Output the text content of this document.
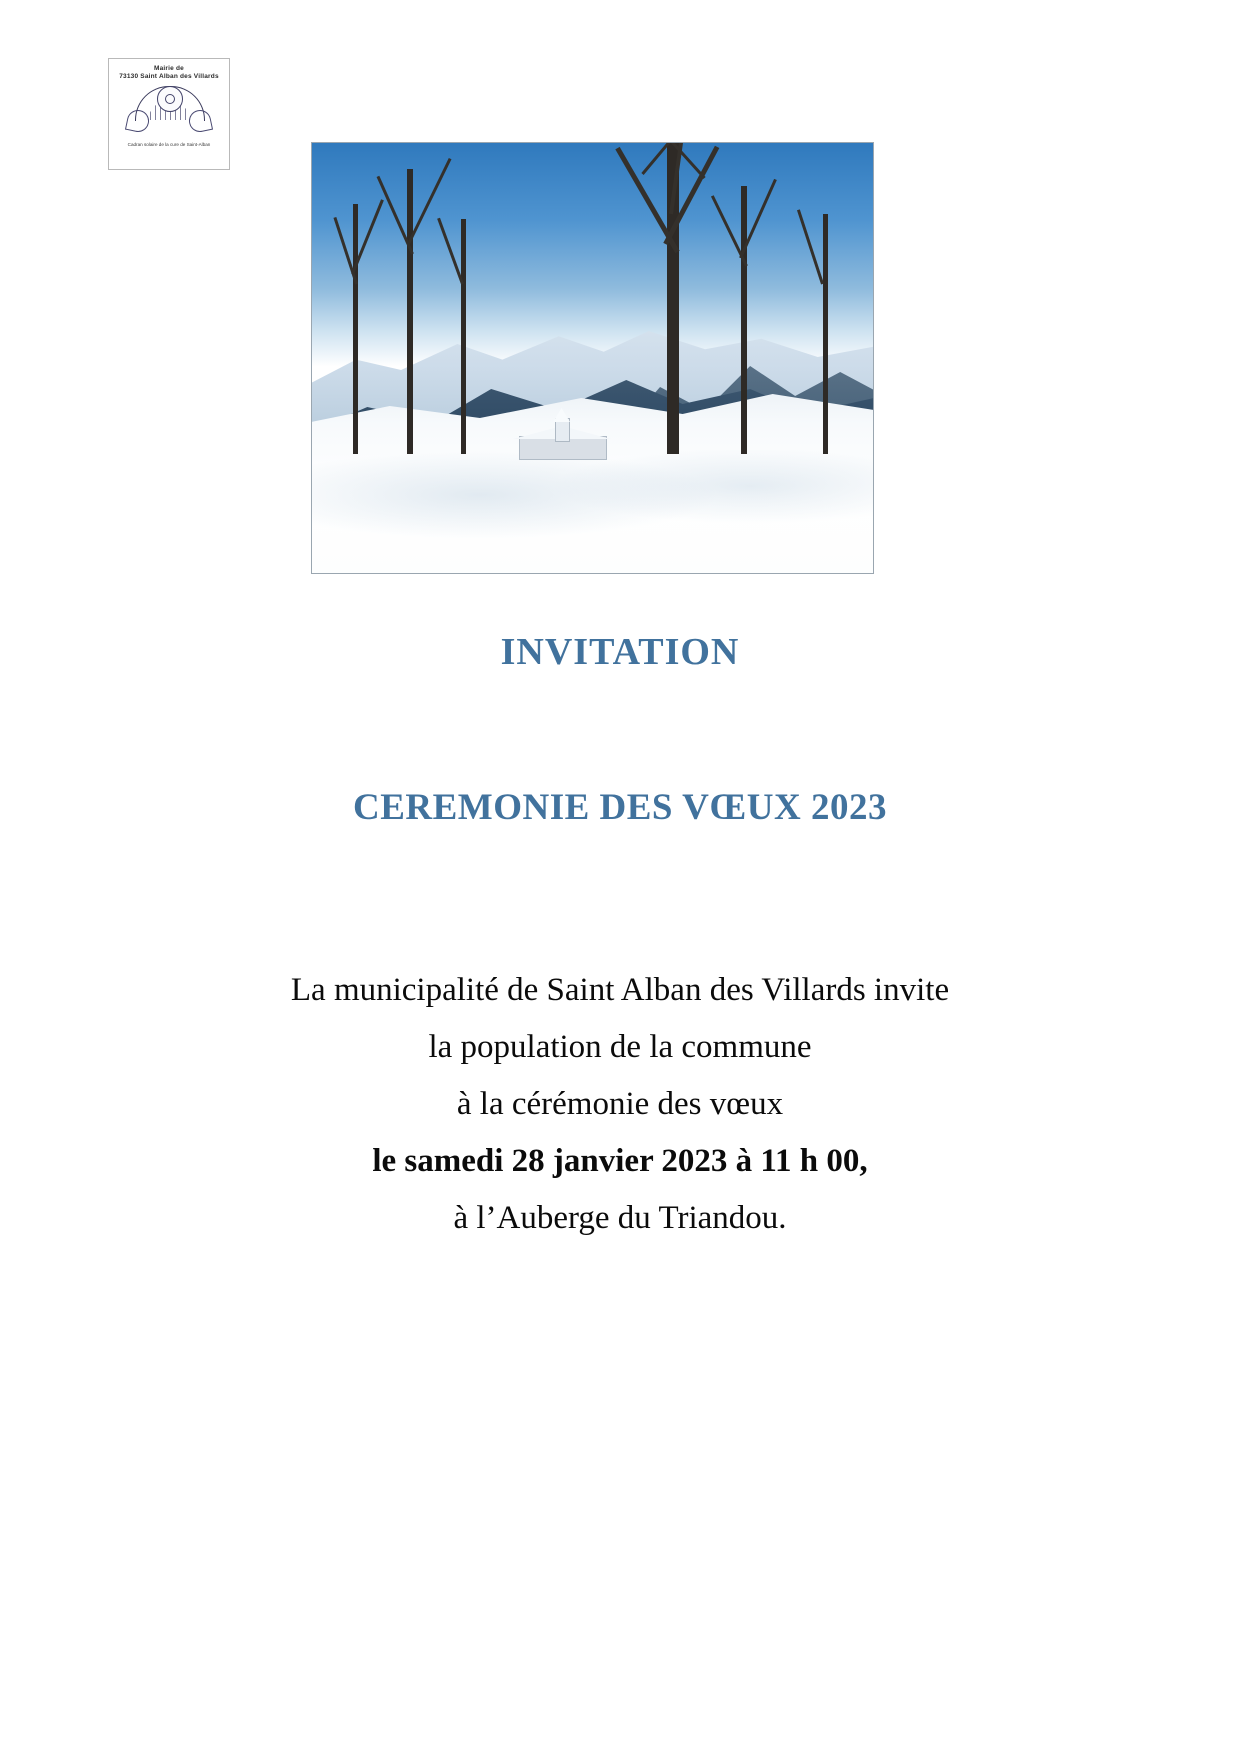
Mairie de
73130 Saint Alban des Villards
Cadran solaire de la cure de Saint-Alban
INVITATION
CEREMONIE DES VŒUX 2023
La municipalité de Saint Alban des Villards invite
la population de la commune
à la cérémonie des vœux
le samedi 28 janvier 2023 à 11 h 00,
à l’Auberge du Triandou.
